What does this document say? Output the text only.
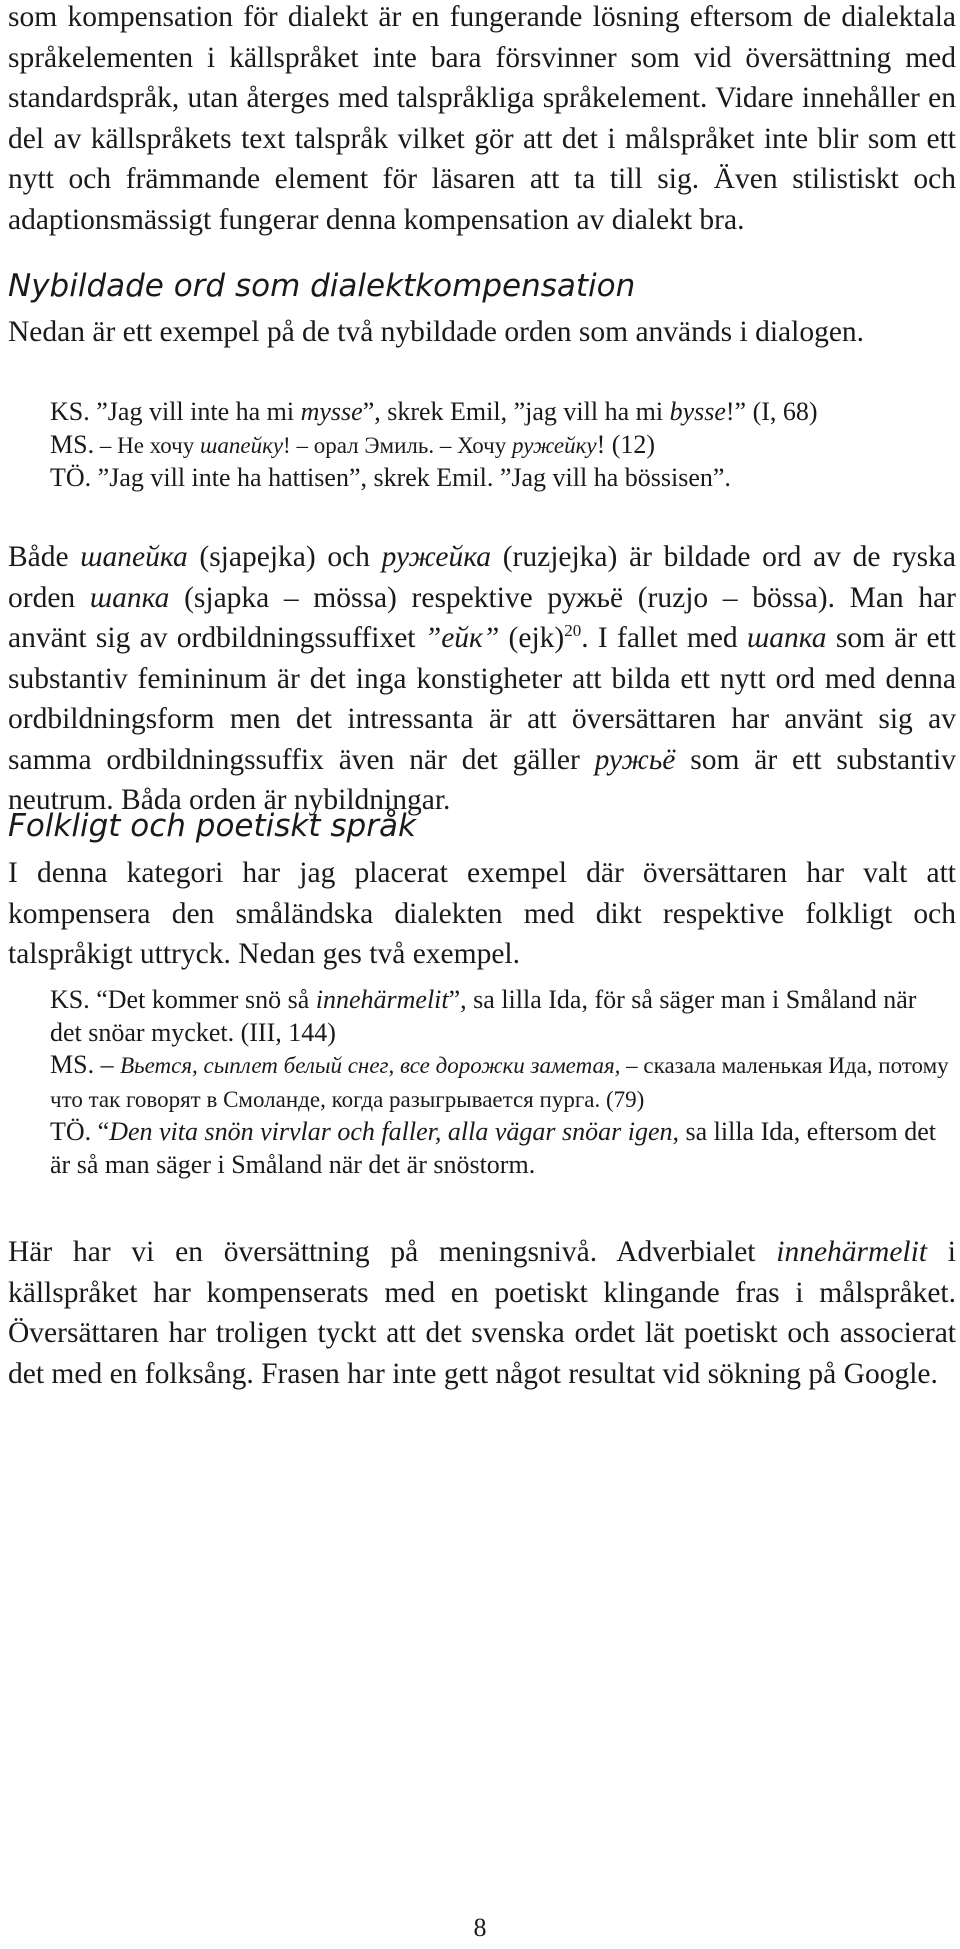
som kompensation för dialekt är en fungerande lösning eftersom de dialektala språkelementen i källspråket inte bara försvinner som vid översättning med standardspråk, utan återges med talspråkliga språkelement. Vidare innehåller en del av källspråkets text talspråk vilket gör att det i målspråket inte blir som ett nytt och främmande element för läsaren att ta till sig. Även stilistiskt och adaptionsmässigt fungerar denna kompensation av dialekt bra.

Nybildade ord som dialektkompensation

Nedan är ett exempel på de två nybildade orden som används i dialogen.

KS. ”Jag vill inte ha mi mysse”, skrek Emil, ”jag vill ha mi bysse!” (I, 68)
MS. – Не хочу шапейку! – орал Эмиль. – Хочу ружейку! (12)
TÖ. ”Jag vill inte ha hattisen”, skrek Emil. ”Jag vill ha bössisen”.

Både шапейка (sjapejka) och ружейка (ruzjejka) är bildade ord av de ryska orden шапка (sjapka – mössa) respektive ружьё (ruzjo – bössa). Man har använt sig av ordbildningssuffixet ”ейк” (ejk)$^{20}$. I fallet med шапка som är ett substantiv femininum är det inga konstigheter att bilda ett nytt ord med denna ordbildningsform men det intressanta är att översättaren har använt sig av samma ordbildningssuffix även när det gäller ружьё som är ett substantiv neutrum. Båda orden är nybildningar.

Folkligt och poetiskt språk

I denna kategori har jag placerat exempel där översättaren har valt att kompensera den småländska dialekten med dikt respektive folkligt och talspråkigt uttryck. Nedan ges två exempel.

KS. “Det kommer snö så innehärmelit”, sa lilla Ida, för så säger man i Småland när det snöar mycket. (III, 144)
MS. – Вьется, сыплет белый снег, все дорожки заметая, – сказала маленькая Ида, потому что так говорят в Смоланде, когда разыгрывается пурга. (79)
TÖ. “Den vita snön virvlar och faller, alla vägar snöar igen, sa lilla Ida, eftersom det är så man säger i Småland när det är snöstorm.

Här har vi en översättning på meningsnivå. Adverbialet innehärmelit i källspråket har kompenserats med en poetiskt klingande fras i målspråket. Översättaren har troligen tyckt att det svenska ordet lät poetiskt och associerat det med en folksång. Frasen har inte gett något resultat vid sökning på Google.

8
